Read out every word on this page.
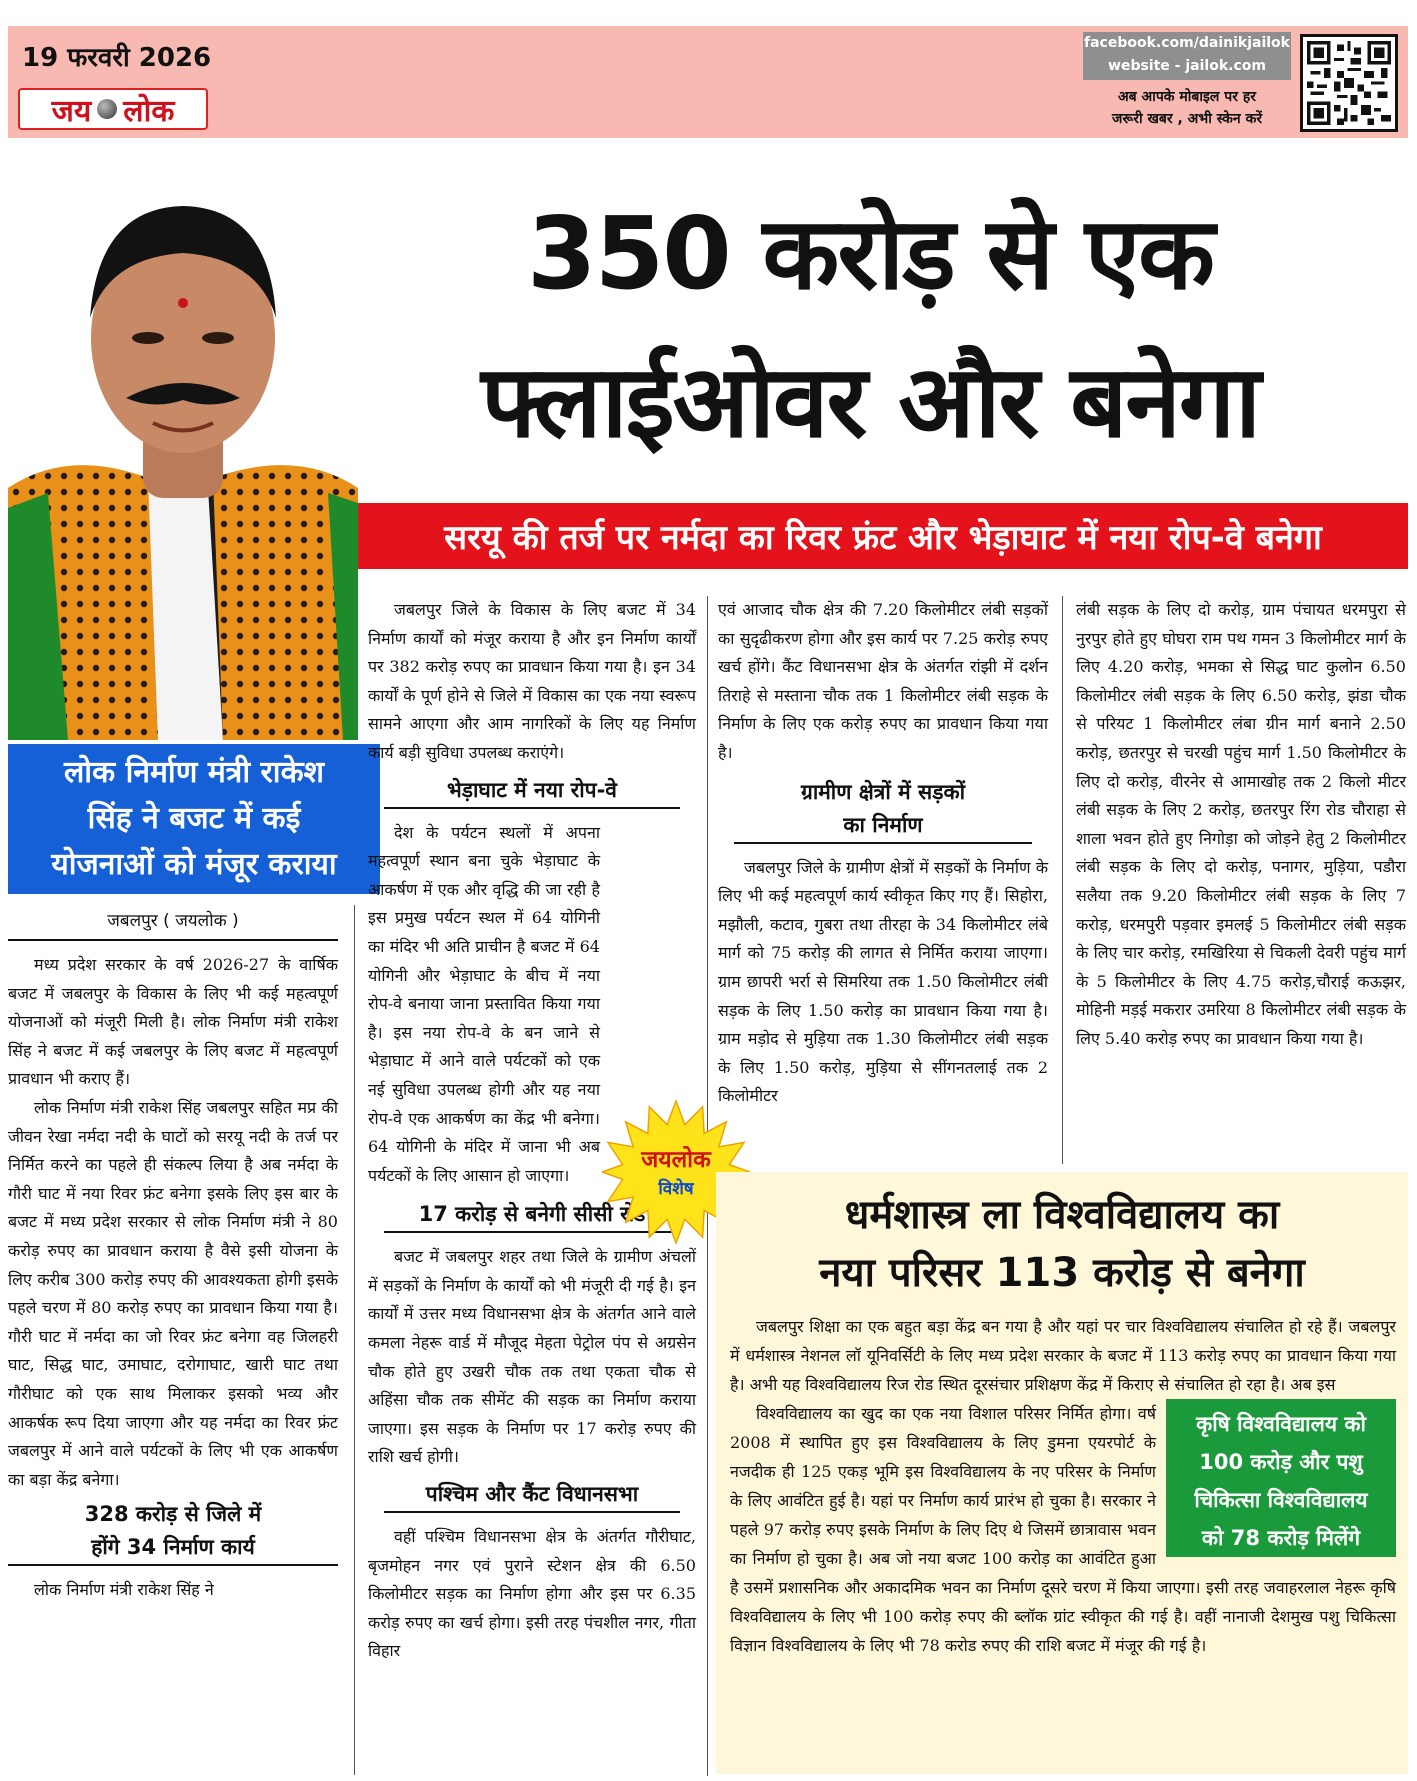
19 फरवरी 2026
जय लोक
facebook.com/dainikjailok
website - jailok.com
अब आपके मोबाइल पर हर
जरूरी खबर , अभी स्केन करें
350 करोड़ से एक
फ्लाईओवर और बनेगा
सरयू की तर्ज पर नर्मदा का रिवर फ्रंट और भेड़ाघाट में नया रोप-वे बनेगा
लोक निर्माण मंत्री राकेश
सिंह ने बजट में कई
योजनाओं को मंजूर कराया
जबलपुर ( जयलोक )

मध्य प्रदेश सरकार के वर्ष 2026-27 के वार्षिक बजट में जबलपुर के विकास के लिए भी कई महत्वपूर्ण योजनाओं को मंजूरी मिली है। लोक निर्माण मंत्री राकेश सिंह ने बजट में कई जबलपुर के लिए बजट में महत्वपूर्ण प्रावधान भी कराए हैं।

लोक निर्माण मंत्री राकेश सिंह जबलपुर सहित मप्र की जीवन रेखा नर्मदा नदी के घाटों को सरयू नदी के तर्ज पर निर्मित करने का पहले ही संकल्प लिया है अब नर्मदा के गौरी घाट में नया रिवर फ्रंट बनेगा इसके लिए इस बार के बजट में मध्य प्रदेश सरकार से लोक निर्माण मंत्री ने 80 करोड़ रुपए का प्रावधान कराया है वैसे इसी योजना के लिए करीब 300 करोड़ रुपए की आवश्यकता होगी इसके पहले चरण में 80 करोड़ रुपए का प्रावधान किया गया है। गौरी घाट में नर्मदा का जो रिवर फ्रंट बनेगा वह जिलहरी घाट, सिद्ध घाट, उमाघाट, दरोगाघाट, खारी घाट तथा गौरीघाट को एक साथ मिलाकर इसको भव्य और आकर्षक रूप दिया जाएगा और यह नर्मदा का रिवर फ्रंट जबलपुर में आने वाले पर्यटकों के लिए भी एक आकर्षण का बड़ा केंद्र बनेगा।

328 करोड़ से जिले में
होंगे 34 निर्माण कार्य

लोक निर्माण मंत्री राकेश सिंह ने

जबलपुर जिले के विकास के लिए बजट में 34 निर्माण कार्यों को मंजूर कराया है और इन निर्माण कार्यों पर 382 करोड़ रुपए का प्रावधान किया गया है। इन 34 कार्यों के पूर्ण होने से जिले में विकास का एक नया स्वरूप सामने आएगा और आम नागरिकों के लिए यह निर्माण कार्य बड़ी सुविधा उपलब्ध कराएंगे।

भेड़ाघाट में नया रोप-वे

देश के पर्यटन स्थलों में अपना महत्वपूर्ण स्थान बना चुके भेड़ाघाट के आकर्षण में एक और वृद्धि की जा रही है इस प्रमुख पर्यटन स्थल में 64 योगिनी का मंदिर भी अति प्राचीन है बजट में 64 योगिनी और भेड़ाघाट के बीच में नया रोप-वे बनाया जाना प्रस्तावित किया गया है। इस नया रोप-वे के बन जाने से भेड़ाघाट में आने वाले पर्यटकों को एक नई सुविधा उपलब्ध होगी और यह नया रोप-वे एक आकर्षण का केंद्र भी बनेगा। 64 योगिनी के मंदिर में जाना भी अब पर्यटकों के लिए आसान हो जाएगा।

17 करोड़ से बनेगी सीसी रोड

बजट में जबलपुर शहर तथा जिले के ग्रामीण अंचलों में सड़कों के निर्माण के कार्यों को भी मंजूरी दी गई है। इन कार्यों में उत्तर मध्य विधानसभा क्षेत्र के अंतर्गत आने वाले कमला नेहरू वार्ड में मौजूद मेहता पेट्रोल पंप से अग्रसेन चौक होते हुए उखरी चौक तक तथा एकता चौक से अहिंसा चौक तक सीमेंट की सड़क का निर्माण कराया जाएगा। इस सड़क के निर्माण पर 17 करोड़ रुपए की राशि खर्च होगी।

पश्चिम और कैंट विधानसभा

वहीं पश्चिम विधानसभा क्षेत्र के अंतर्गत गौरीघाट, बृजमोहन नगर एवं पुराने स्टेशन क्षेत्र की 6.50 किलोमीटर सड़क का निर्माण होगा और इस पर 6.35 करोड़ रुपए का खर्च होगा। इसी तरह पंचशील नगर, गीता विहार

एवं आजाद चौक क्षेत्र की 7.20 किलोमीटर लंबी सड़कों का सुदृढीकरण होगा और इस कार्य पर 7.25 करोड़ रुपए खर्च होंगे। कैंट विधानसभा क्षेत्र के अंतर्गत रांझी में दर्शन तिराहे से मस्ताना चौक तक 1 किलोमीटर लंबी सड़क के निर्माण के लिए एक करोड़ रुपए का प्रावधान किया गया है।

ग्रामीण क्षेत्रों में सड़कों
का निर्माण

जबलपुर जिले के ग्रामीण क्षेत्रों में सड़कों के निर्माण के लिए भी कई महत्वपूर्ण कार्य स्वीकृत किए गए हैं। सिहोरा, मझौली, कटाव, गुबरा तथा तीरहा के 34 किलोमीटर लंबे मार्ग को 75 करोड़ की लागत से निर्मित कराया जाएगा। ग्राम छापरी भर्रा से सिमरिया तक 1.50 किलोमीटर लंबी सड़क के लिए 1.50 करोड़ का प्रावधान किया गया है। ग्राम मड़ोद से मुड़िया तक 1.30 किलोमीटर लंबी सड़क के लिए 1.50 करोड़, मुड़िया से सींगनतलाई तक 2 किलोमीटर

लंबी सड़क के लिए दो करोड़, ग्राम पंचायत धरमपुरा से नुरपुर होते हुए घोघरा राम पथ गमन 3 किलोमीटर मार्ग के लिए 4.20 करोड़, भमका से सिद्ध घाट कुलोन 6.50 किलोमीटर लंबी सड़क के लिए 6.50 करोड़, झंडा चौक से परियट 1 किलोमीटर लंबा ग्रीन मार्ग बनाने 2.50 करोड़, छतरपुर से चरखी पहुंच मार्ग 1.50 किलोमीटर के लिए दो करोड़, वीरनेर से आमाखोह तक 2 किलो मीटर लंबी सड़क के लिए 2 करोड़, छतरपुर रिंग रोड चौराहा से शाला भवन होते हुए निगोड़ा को जोड़ने हेतु 2 किलोमीटर लंबी सड़क के लिए दो करोड़, पनागर, मुड़िया, पडौरा सलैया तक 9.20 किलोमीटर लंबी सड़क के लिए 7 करोड़, धरमपुरी पड़वार इमलई 5 किलोमीटर लंबी सड़क के लिए चार करोड़, रमखिरिया से चिकली देवरी पहुंच मार्ग के 5 किलोमीटर के लिए 4.75 करोड़,चौराई कऊझर, मोहिनी मड़ई मकरार उमरिया 8 किलोमीटर लंबी सड़क के लिए 5.40 करोड़ रुपए का प्रावधान किया गया है।

जयलोक
विशेष
धर्मशास्त्र ला विश्वविद्यालय का
नया परिसर 113 करोड़ से बनेगा

जबलपुर शिक्षा का एक बहुत बड़ा केंद्र बन गया है और यहां पर चार विश्वविद्यालय संचालित हो रहे हैं। जबलपुर में धर्मशास्त्र नेशनल लॉ यूनिवर्सिटी के लिए मध्य प्रदेश सरकार के बजट में 113 करोड़ रुपए का प्रावधान किया गया है। अभी यह विश्वविद्यालय रिज रोड स्थित दूरसंचार प्रशिक्षण केंद्र में किराए से संचालित हो रहा है। अब इस

कृषि विश्वविद्यालय को
100 करोड़ और पशु
चिकित्सा विश्वविद्यालय
को 78 करोड़ मिलेंगे

विश्वविद्यालय का खुद का एक नया विशाल परिसर निर्मित होगा। वर्ष 2008 में स्थापित हुए इस विश्वविद्यालय के लिए डुमना एयरपोर्ट के नजदीक ही 125 एकड़ भूमि इस विश्वविद्यालय के नए परिसर के निर्माण के लिए आवंटित हुई है। यहां पर निर्माण कार्य प्रारंभ हो चुका है। सरकार ने पहले 97 करोड़ रुपए इसके निर्माण के लिए दिए थे जिसमें छात्रावास भवन का निर्माण हो चुका है। अब जो नया बजट 100 करोड़ का आवंटित हुआ है उसमें प्रशासनिक और अकादमिक भवन का निर्माण दूसरे चरण में किया जाएगा। इसी तरह जवाहरलाल नेहरू कृषि विश्वविद्यालय के लिए भी 100 करोड़ रुपए की ब्लॉक ग्रांट स्वीकृत की गई है। वहीं नानाजी देशमुख पशु चिकित्सा विज्ञान विश्वविद्यालय के लिए भी 78 करोड रुपए की राशि बजट में मंजूर की गई है।
